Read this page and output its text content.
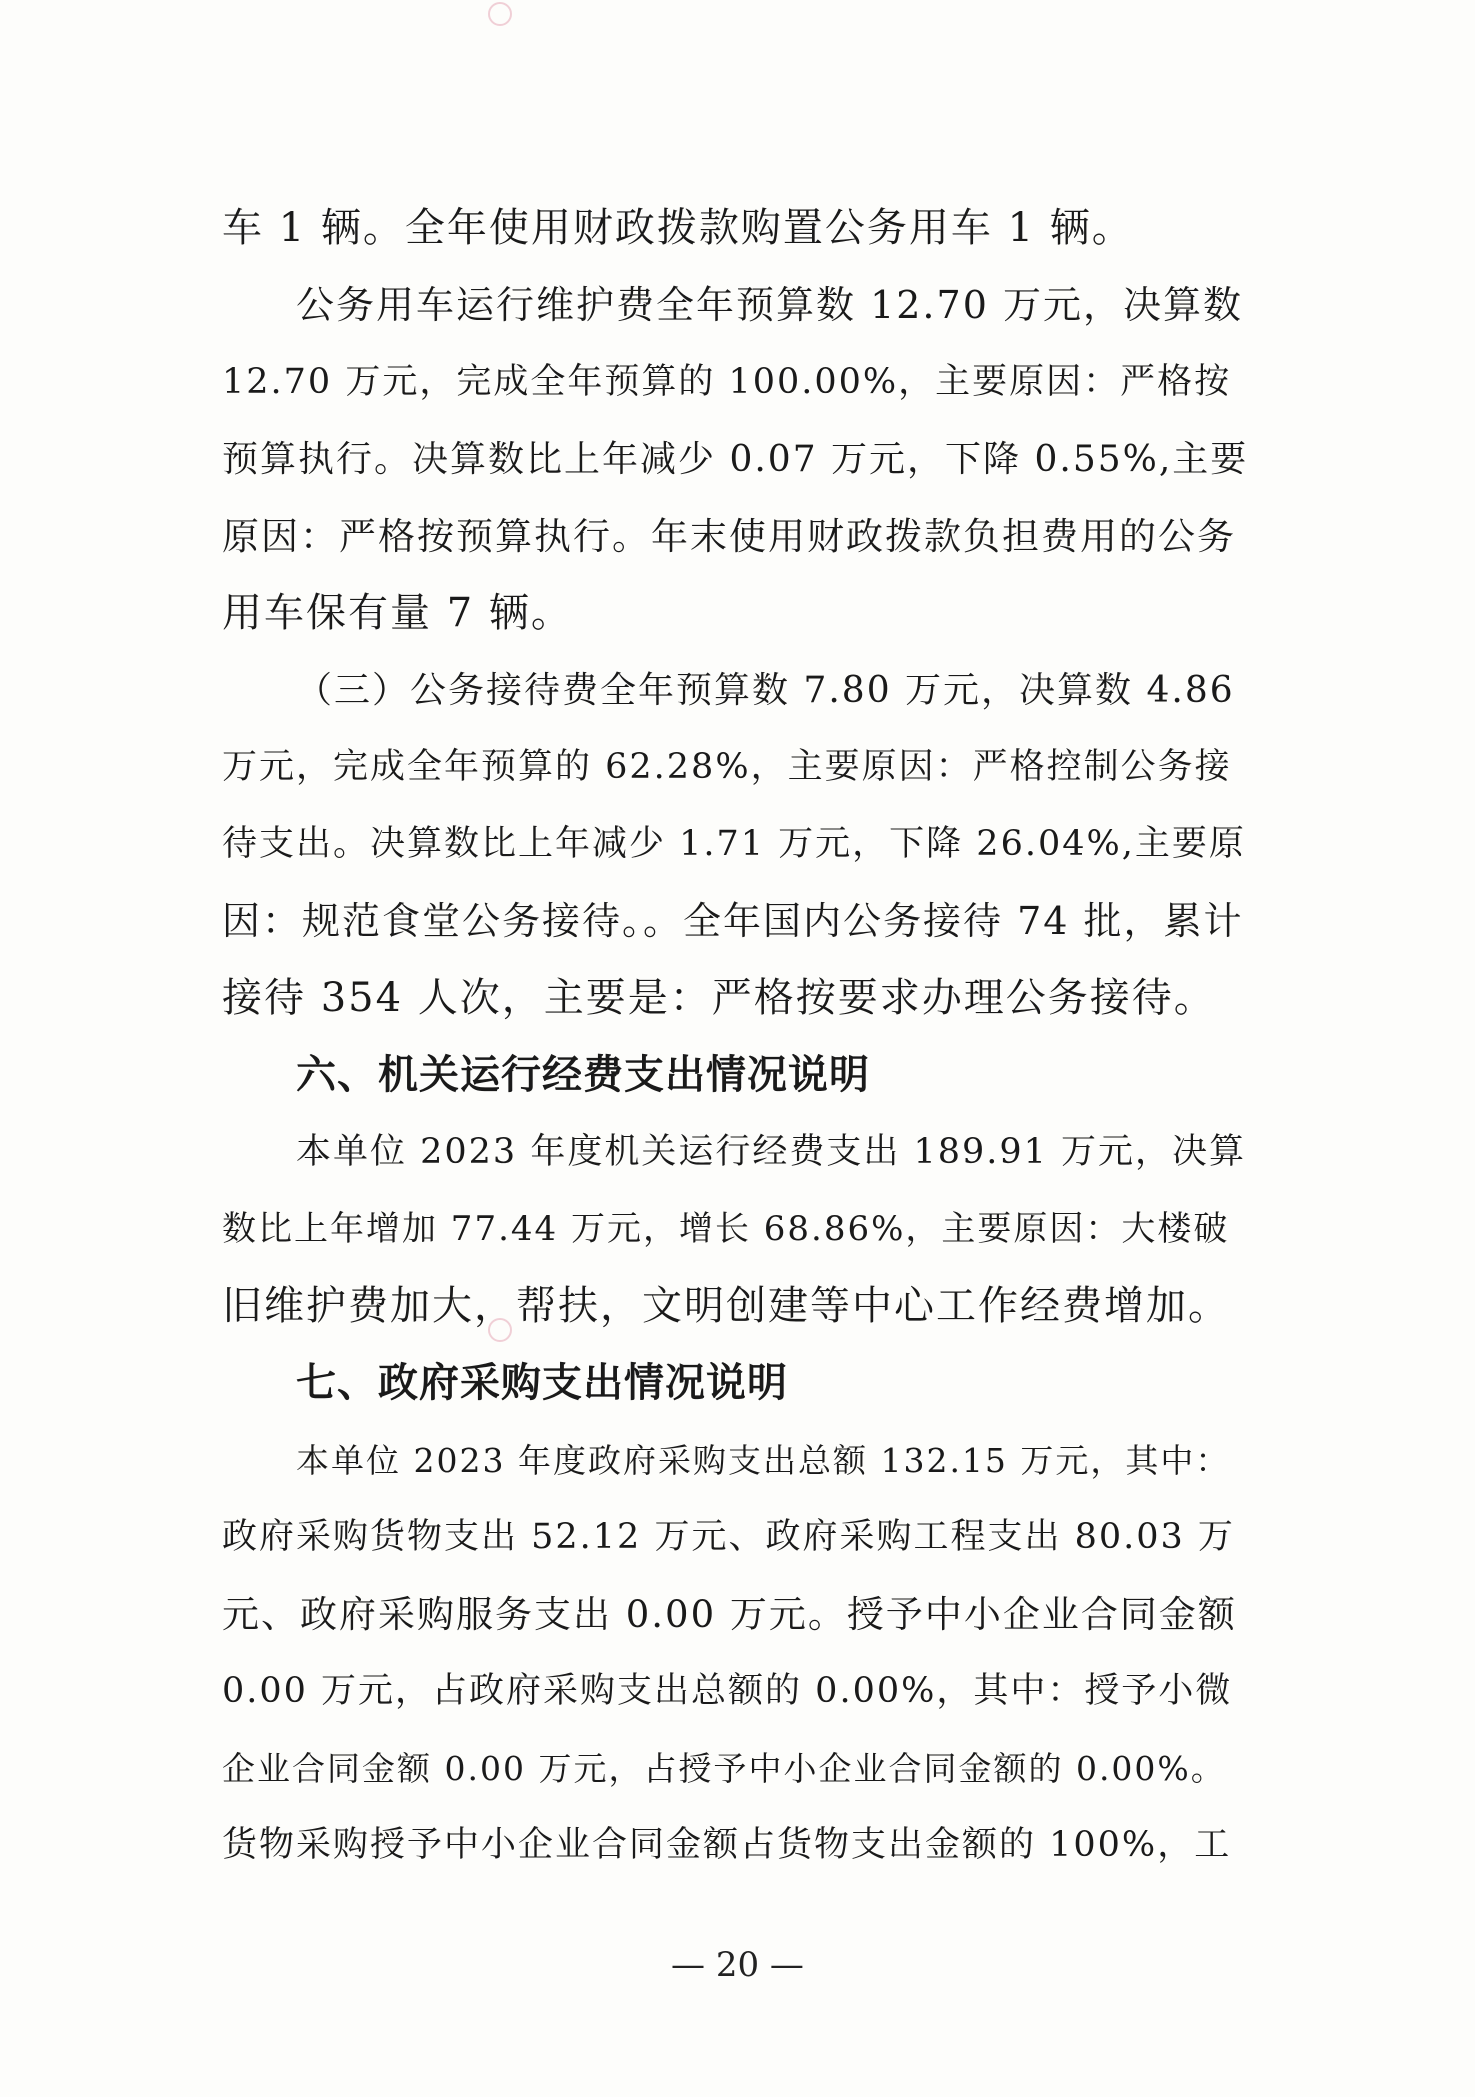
车 1 辆。全年使用财政拨款购置公务用车 1 辆。
公务用车运行维护费全年预算数 12.70 万元，决算数
12.70 万元，完成全年预算的 100.00%，主要原因：严格按
预算执行。决算数比上年减少 0.07 万元，下降 0.55%,主要
原因：严格按预算执行。年末使用财政拨款负担费用的公务
用车保有量 7 辆。
（三）公务接待费全年预算数 7.80 万元，决算数 4.86
万元，完成全年预算的 62.28%，主要原因：严格控制公务接
待支出。决算数比上年减少 1.71 万元，下降 26.04%,主要原
因：规范食堂公务接待。。全年国内公务接待 74 批，累计
接待 354 人次，主要是：严格按要求办理公务接待。
六、机关运行经费支出情况说明
本单位 2023 年度机关运行经费支出 189.91 万元，决算
数比上年增加 77.44 万元，增长 68.86%，主要原因：大楼破
旧维护费加大，帮扶，文明创建等中心工作经费增加。
七、政府采购支出情况说明
本单位 2023 年度政府采购支出总额 132.15 万元，其中：
政府采购货物支出 52.12 万元、政府采购工程支出 80.03 万
元、政府采购服务支出 0.00 万元。授予中小企业合同金额
0.00 万元，占政府采购支出总额的 0.00%，其中：授予小微
企业合同金额 0.00 万元，占授予中小企业合同金额的 0.00%。
货物采购授予中小企业合同金额占货物支出金额的 100%，工
— 20 —
